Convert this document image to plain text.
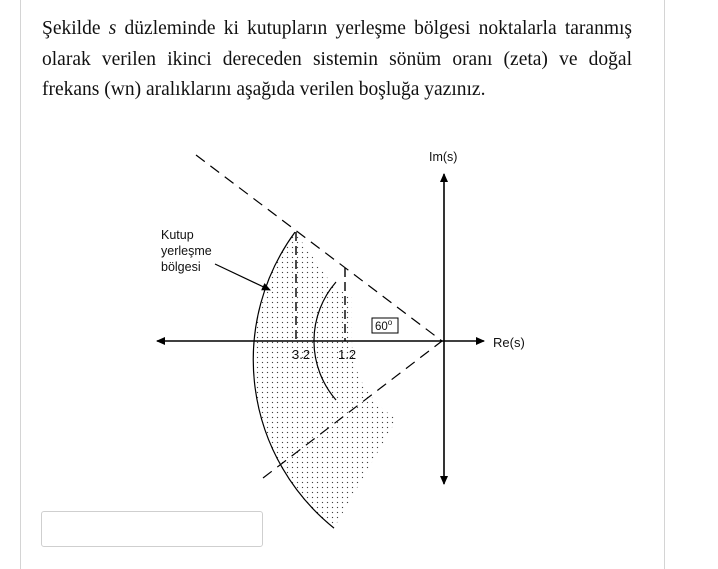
Şekilde s düzleminde ki kutupların yerleşme bölgesi noktalarla taranmış olarak verilen ikinci dereceden sistemin sönüm oranı (zeta) ve doğal frekans (wn) aralıklarını aşağıda verilen boşluğa yazınız.

Im(s)
Re(s)
Kutup
yerleşme
bölgesi
60$^o$
3.2 1.2
